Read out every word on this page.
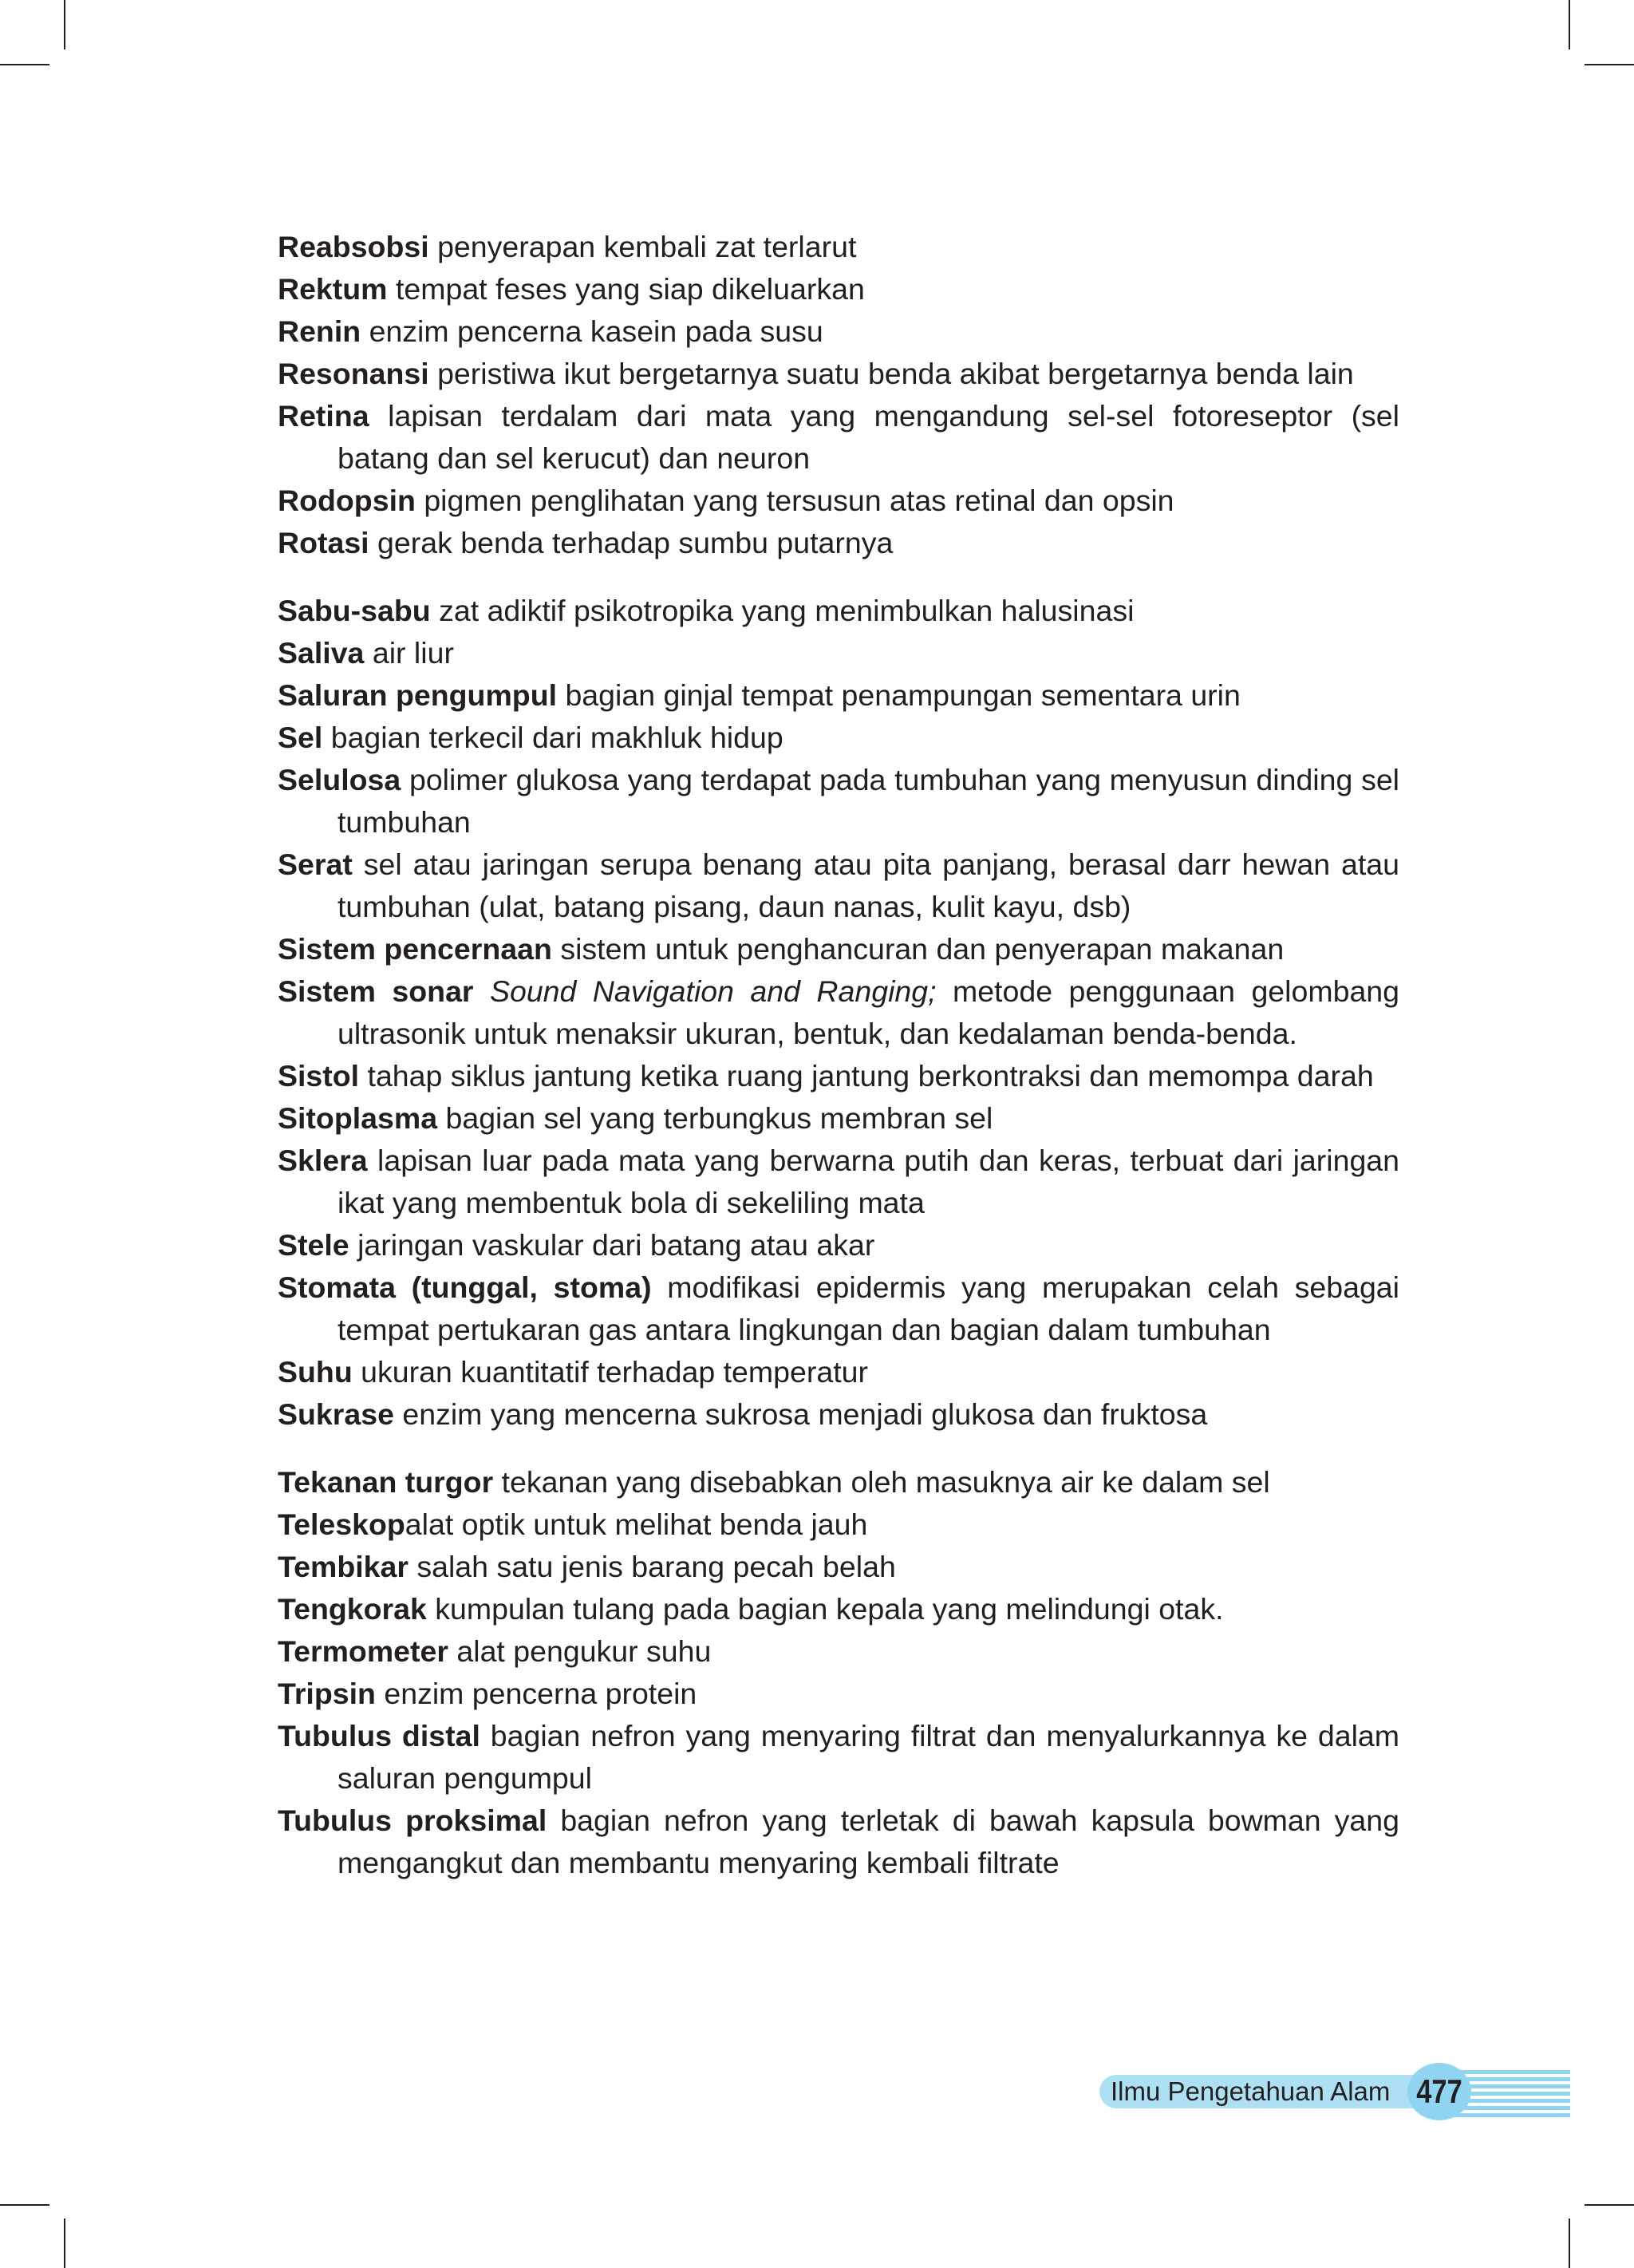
Reabsobsi penyerapan kembali zat terlarut

Rektum tempat feses yang siap dikeluarkan

Renin enzim pencerna kasein pada susu

Resonansi peristiwa ikut bergetarnya suatu benda akibat bergetarnya benda lain

Retina lapisan terdalam dari mata yang mengandung sel-sel fotoreseptor (sel batang dan sel kerucut) dan neuron

Rodopsin pigmen penglihatan yang tersusun atas retinal dan opsin

Rotasi gerak benda terhadap sumbu putarnya

Sabu-sabu zat adiktif psikotropika yang menimbulkan halusinasi

Saliva air liur

Saluran pengumpul bagian ginjal tempat penampungan sementara urin

Sel bagian terkecil dari makhluk hidup

Selulosa polimer glukosa yang terdapat pada tumbuhan yang menyusun dinding sel tumbuhan

Serat sel atau jaringan serupa benang atau pita panjang, berasal darr hewan atau tumbuhan (ulat, batang pisang, daun nanas, kulit kayu, dsb)

Sistem pencernaan sistem untuk penghancuran dan penyerapan makanan

Sistem sonar Sound Navigation and Ranging; metode penggunaan gelombang ultrasonik untuk menaksir ukuran, bentuk, dan kedalaman benda-benda.

Sistol tahap siklus jantung ketika ruang jantung berkontraksi dan memompa darah

Sitoplasma bagian sel yang terbungkus membran sel

Sklera lapisan luar pada mata yang berwarna putih dan keras, terbuat dari jaringan ikat yang membentuk bola di sekeliling mata

Stele jaringan vaskular dari batang atau akar

Stomata (tunggal, stoma) modifikasi epidermis yang merupakan celah sebagai tempat pertukaran gas antara lingkungan dan bagian dalam tumbuhan

Suhu ukuran kuantitatif terhadap temperatur

Sukrase enzim yang mencerna sukrosa menjadi glukosa dan fruktosa

Tekanan turgor tekanan yang disebabkan oleh masuknya air ke dalam sel

Teleskopalat optik untuk melihat benda jauh

Tembikar salah satu jenis barang pecah belah

Tengkorak kumpulan tulang pada bagian kepala yang melindungi otak.

Termometer alat pengukur suhu

Tripsin enzim pencerna protein

Tubulus distal bagian nefron yang menyaring filtrat dan menyalurkannya ke dalam saluran pengumpul

Tubulus proksimal bagian nefron yang terletak di bawah kapsula bowman yang mengangkut dan membantu menyaring kembali filtrate

Ilmu Pengetahuan Alam 477
